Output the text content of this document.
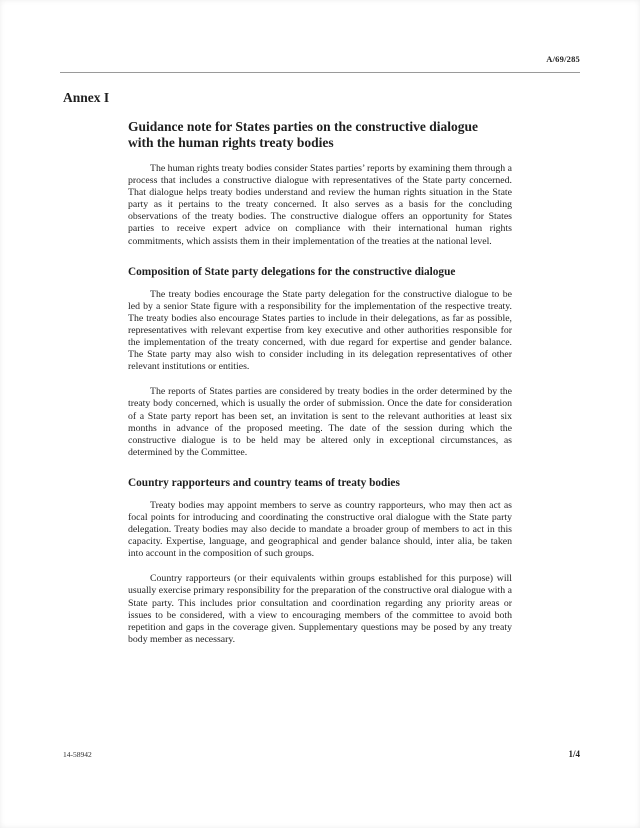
A/69/285
Annex I
Guidance note for States parties on the constructive dialogue with the human rights treaty bodies

The human rights treaty bodies consider States parties’ reports by examining them through a process that includes a constructive dialogue with representatives of the State party concerned. That dialogue helps treaty bodies understand and review the human rights situation in the State party as it pertains to the treaty concerned. It also serves as a basis for the concluding observations of the treaty bodies. The constructive dialogue offers an opportunity for States parties to receive expert advice on compliance with their international human rights commitments, which assists them in their implementation of the treaties at the national level.

Composition of State party delegations for the constructive dialogue

The treaty bodies encourage the State party delegation for the constructive dialogue to be led by a senior State figure with a responsibility for the implementation of the respective treaty. The treaty bodies also encourage States parties to include in their delegations, as far as possible, representatives with relevant expertise from key executive and other authorities responsible for the implementation of the treaty concerned, with due regard for expertise and gender balance. The State party may also wish to consider including in its delegation representatives of other relevant institutions or entities.

The reports of States parties are considered by treaty bodies in the order determined by the treaty body concerned, which is usually the order of submission. Once the date for consideration of a State party report has been set, an invitation is sent to the relevant authorities at least six months in advance of the proposed meeting. The date of the session during which the constructive dialogue is to be held may be altered only in exceptional circumstances, as determined by the Committee.

Country rapporteurs and country teams of treaty bodies

Treaty bodies may appoint members to serve as country rapporteurs, who may then act as focal points for introducing and coordinating the constructive oral dialogue with the State party delegation. Treaty bodies may also decide to mandate a broader group of members to act in this capacity. Expertise, language, and geographical and gender balance should, inter alia, be taken into account in the composition of such groups.

Country rapporteurs (or their equivalents within groups established for this purpose) will usually exercise primary responsibility for the preparation of the constructive oral dialogue with a State party. This includes prior consultation and coordination regarding any priority areas or issues to be considered, with a view to encouraging members of the committee to avoid both repetition and gaps in the coverage given. Supplementary questions may be posed by any treaty body member as necessary.

14-58942	1/4
